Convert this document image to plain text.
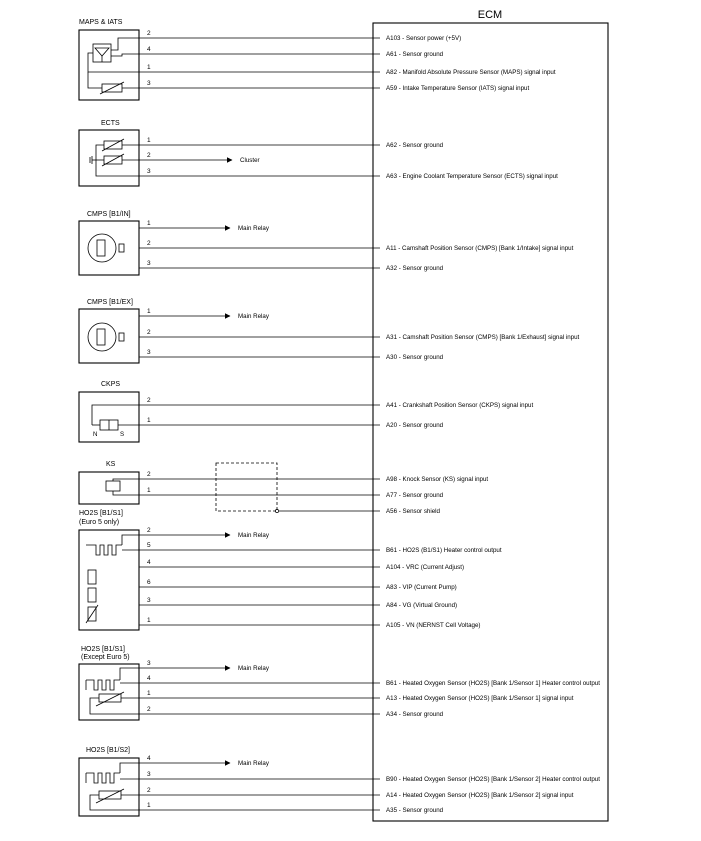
ECM
MAPS & IATS
2
4
1
3
ECTS
1
2
3
Cluster
CMPS [B1/IN]
1
2
3
Main Relay
CMPS [B1/EX]
1
2
3
Main Relay
CKPS
2
1
N	S
KS
2
1
HO2S [B1/S1]
(Euro 5 only)
2
5
4
6
3
1
HO2S [B1/S1]
(Except Euro 5)
3
4
1
2
HO2S [B1/S2]
4
3
2
1
Main Relay
Main Relay
Main Relay
A103 - Sensor power (+5V)
A61 - Sensor ground
A82 - Manifold Absolute Pressure Sensor (MAPS) signal input
A59 - Intake Temperature Sensor (IATS) signal input
A62 - Sensor ground
A63 - Engine Coolant Temperature Sensor (ECTS) signal input
A11 - Camshaft Position Sensor (CMPS) [Bank 1/Intake] signal input
A32 - Sensor ground
A31 - Camshaft Position Sensor (CMPS) [Bank 1/Exhaust] signal input
A30 - Sensor ground
A41 - Crankshaft Position Sensor (CKPS) signal input
A20 - Sensor ground
A98 - Knock Sensor (KS) signal input
A77 - Sensor ground
A56 - Sensor shield
B61 - HO2S (B1/S1) Heater control output
A104 - VRC (Current Adjust)
A83 - VIP (Current Pump)
A84 - VG (Virtual Ground)
A105 - VN (NERNST Cell Voltage)
B61 - Heated Oxygen Sensor (HO2S) [Bank 1/Sensor 1] Heater control output
A13 - Heated Oxygen Sensor (HO2S) [Bank 1/Sensor 1] signal input
A34 - Sensor ground
B90 - Heated Oxygen Sensor (HO2S) [Bank 1/Sensor 2] Heater control output
A14 - Heated Oxygen Sensor (HO2S) [Bank 1/Sensor 2] signal input
A35 - Sensor ground
